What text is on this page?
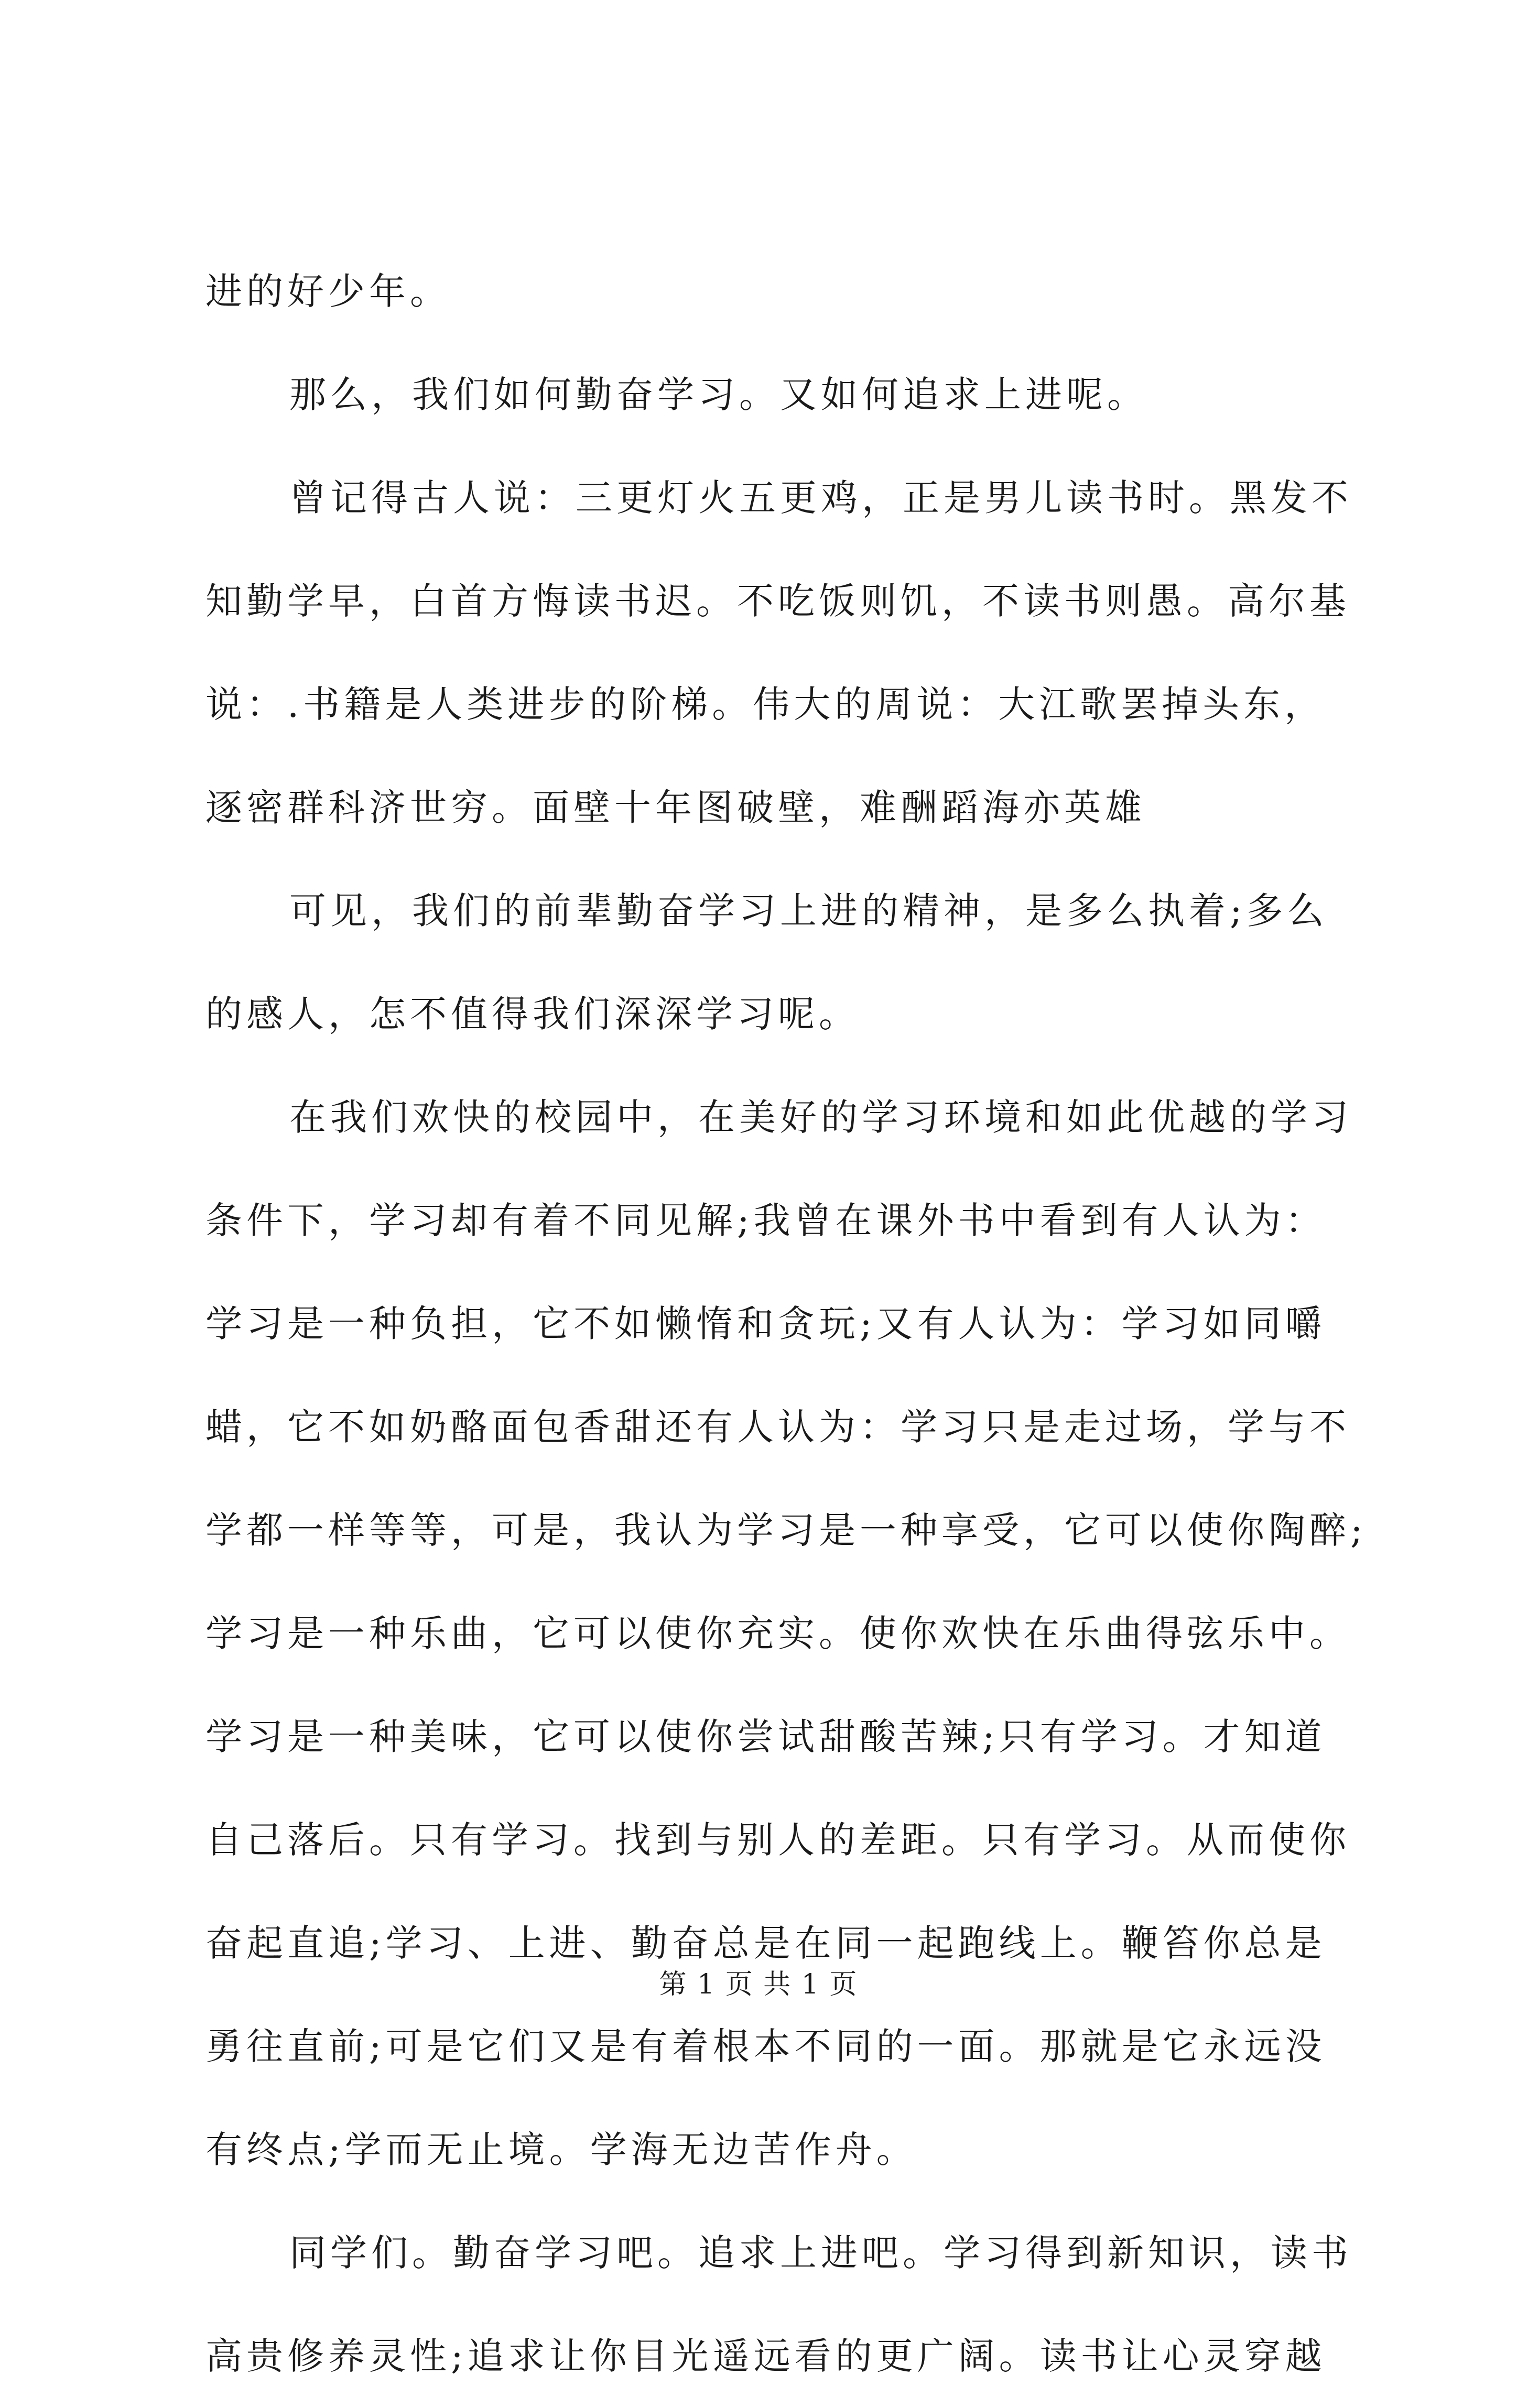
进的好少年。
那么，我们如何勤奋学习。又如何追求上进呢。
曾记得古人说：三更灯火五更鸡，正是男儿读书时。黑发不
知勤学早，白首方悔读书迟。不吃饭则饥，不读书则愚。高尔基
说：.书籍是人类进步的阶梯。伟大的周说：大江歌罢掉头东，
逐密群科济世穷。面壁十年图破壁，难酬蹈海亦英雄
可见，我们的前辈勤奋学习上进的精神，是多么执着;多么
的感人，怎不值得我们深深学习呢。
在我们欢快的校园中，在美好的学习环境和如此优越的学习
条件下，学习却有着不同见解;我曾在课外书中看到有人认为：
学习是一种负担，它不如懒惰和贪玩;又有人认为：学习如同嚼
蜡，它不如奶酪面包香甜还有人认为：学习只是走过场，学与不
学都一样等等，可是，我认为学习是一种享受，它可以使你陶醉;
学习是一种乐曲，它可以使你充实。使你欢快在乐曲得弦乐中。
学习是一种美味，它可以使你尝试甜酸苦辣;只有学习。才知道
自己落后。只有学习。找到与别人的差距。只有学习。从而使你
奋起直追;学习、上进、勤奋总是在同一起跑线上。鞭笞你总是
勇往直前;可是它们又是有着根本不同的一面。那就是它永远没
有终点;学而无止境。学海无边苦作舟。
同学们。勤奋学习吧。追求上进吧。学习得到新知识，读书
高贵修养灵性;追求让你目光遥远看的更广阔。读书让心灵穿越
第 1 页 共 1 页
